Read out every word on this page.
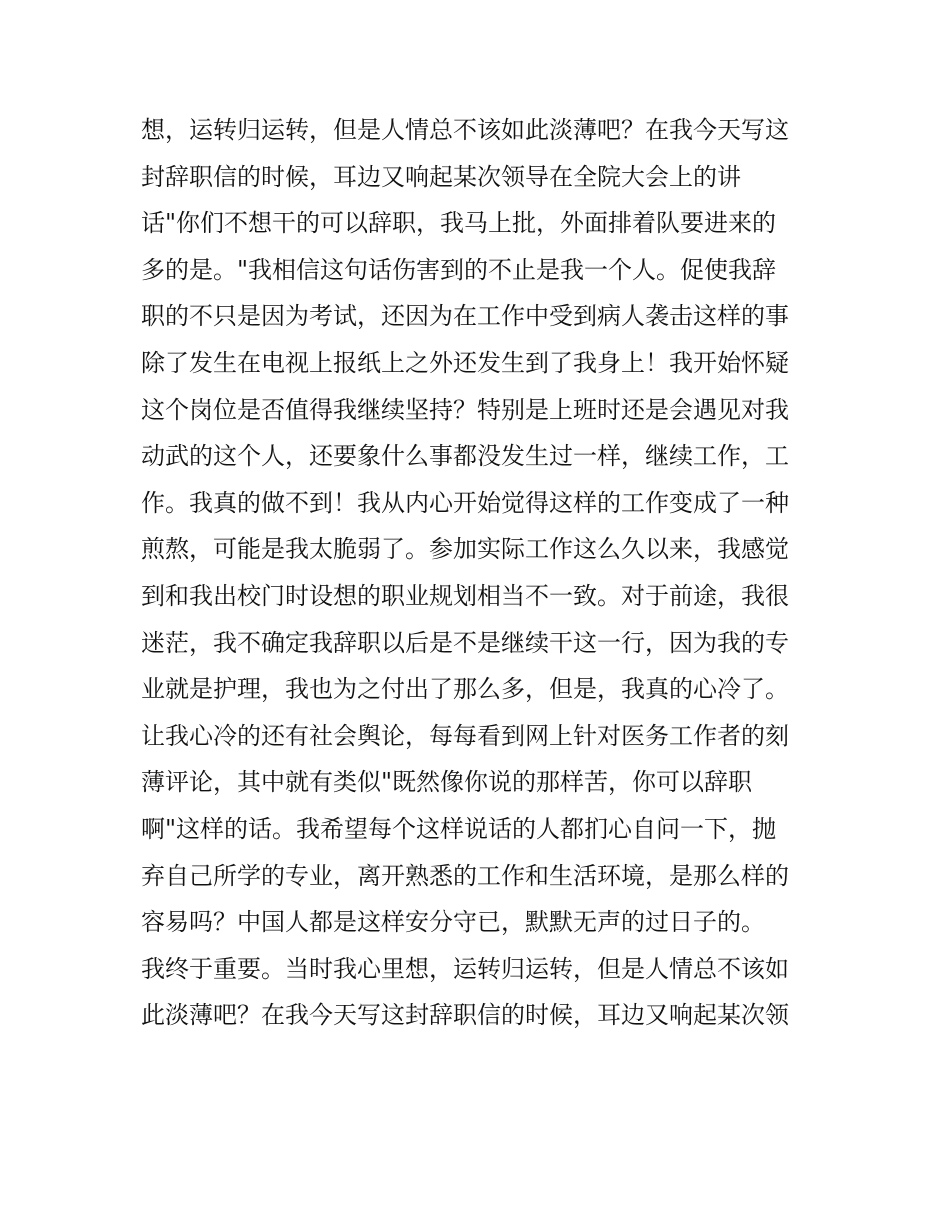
想，运转归运转，但是人情总不该如此淡薄吧？在我今天写这
封辞职信的时候，耳边又响起某次领导在全院大会上的讲
话"你们不想干的可以辞职，我马上批，外面排着队要进来的
多的是。"我相信这句话伤害到的不止是我一个人。促使我辞
职的不只是因为考试，还因为在工作中受到病人袭击这样的事
除了发生在电视上报纸上之外还发生到了我身上！我开始怀疑
这个岗位是否值得我继续坚持？特别是上班时还是会遇见对我
动武的这个人，还要象什么事都没发生过一样，继续工作，工
作。我真的做不到！我从内心开始觉得这样的工作变成了一种
煎熬，可能是我太脆弱了。参加实际工作这么久以来，我感觉
到和我出校门时设想的职业规划相当不一致。对于前途，我很
迷茫，我不确定我辞职以后是不是继续干这一行，因为我的专
业就是护理，我也为之付出了那么多，但是，我真的心冷了。
让我心冷的还有社会舆论，每每看到网上针对医务工作者的刻
薄评论，其中就有类似"既然像你说的那样苦，你可以辞职
啊"这样的话。我希望每个这样说话的人都扪心自问一下，抛
弃自己所学的专业，离开熟悉的工作和生活环境，是那么样的
容易吗？中国人都是这样安分守已，默默无声的过日子的。
我终于重要。当时我心里想，运转归运转，但是人情总不该如
此淡薄吧？在我今天写这封辞职信的时候，耳边又响起某次领
